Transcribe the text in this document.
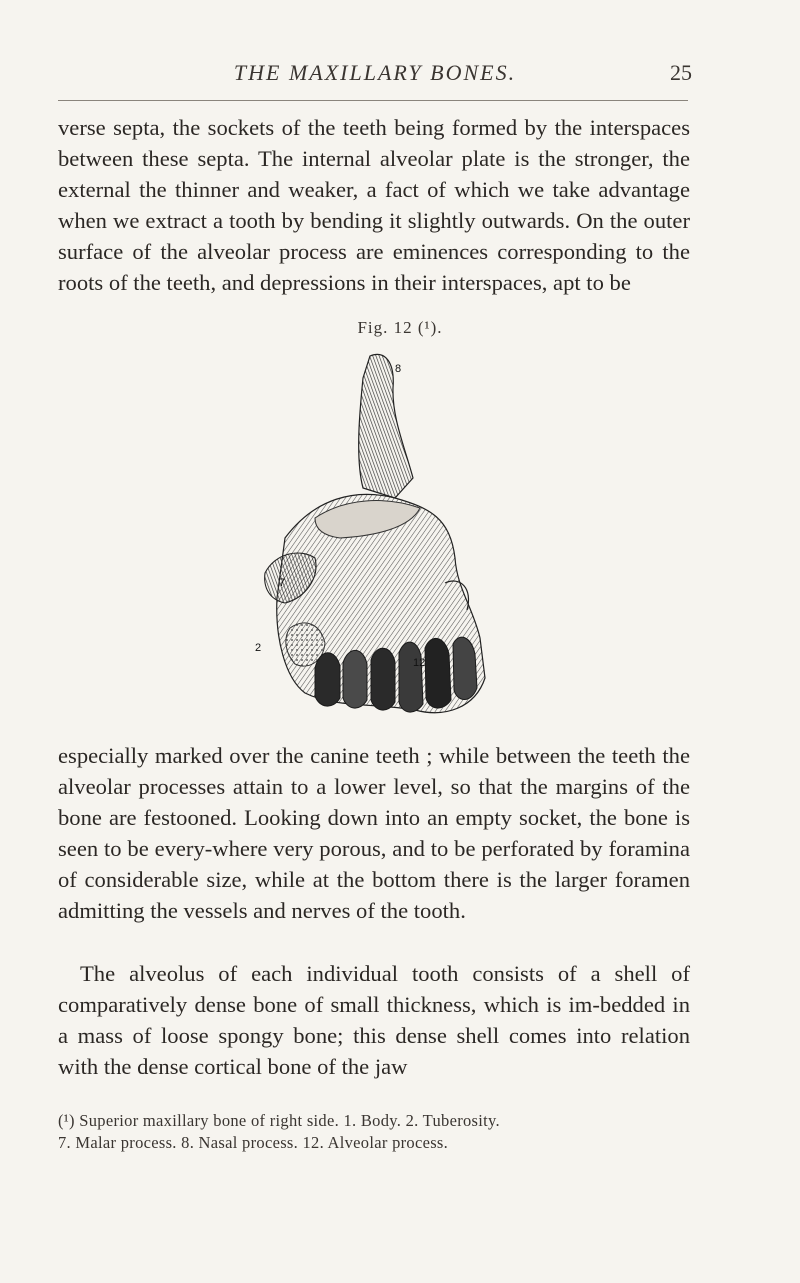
THE MAXILLARY BONES.	25
verse septa, the sockets of the teeth being formed by the interspaces between these septa. The internal alveolar plate is the stronger, the external the thinner and weaker, a fact of which we take advantage when we extract a tooth by bending it slightly outwards. On the outer surface of the alveolar process are eminences corresponding to the roots of the teeth, and depressions in their interspaces, apt to be
Fig. 12 (¹).
8
7
2
12
especially marked over the canine teeth ; while between the teeth the alveolar processes attain to a lower level, so that the margins of the bone are festooned. Looking down into an empty socket, the bone is seen to be every-where very porous, and to be perforated by foramina of considerable size, while at the bottom there is the larger foramen admitting the vessels and nerves of the tooth.
The alveolus of each individual tooth consists of a shell of comparatively dense bone of small thickness, which is im-bedded in a mass of loose spongy bone; this dense shell comes into relation with the dense cortical bone of the jaw
(¹) Superior maxillary bone of right side. 1. Body. 2. Tuberosity.
7. Malar process. 8. Nasal process. 12. Alveolar process.
